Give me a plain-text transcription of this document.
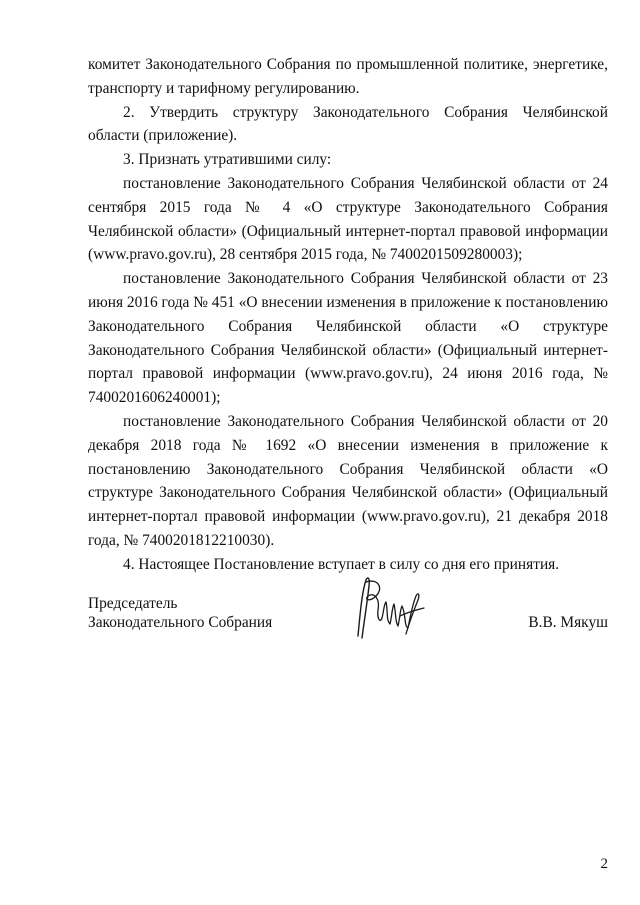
комитет Законодательного Собрания по промышленной политике, энергетике, транспорту и тарифному регулированию.

2. Утвердить структуру Законодательного Собрания Челябинской области (приложение).

3. Признать утратившими силу:

постановление Законодательного Собрания Челябинской области от 24 сентября 2015 года № 4 «О структуре Законодательного Собрания Челябинской области» (Официальный интернет-портал правовой информации (www.pravo.gov.ru), 28 сентября 2015 года, № 7400201509280003);

постановление Законодательного Собрания Челябинской области от 23 июня 2016 года № 451 «О внесении изменения в приложение к постановлению Законодательного Собрания Челябинской области «О структуре Законодательного Собрания Челябинской области» (Официальный интернет-портал правовой информации (www.pravo.gov.ru), 24 июня 2016 года, № 7400201606240001);

постановление Законодательного Собрания Челябинской области от 20 декабря 2018 года № 1692 «О внесении изменения в приложение к постановлению Законодательного Собрания Челябинской области «О структуре Законодательного Собрания Челябинской области» (Официальный интернет-портал правовой информации (www.pravo.gov.ru), 21 декабря 2018 года, № 7400201812210030).

4. Настоящее Постановление вступает в силу со дня его принятия.

Председатель
Законодательного Собрания	В.В. Мякуш
2
